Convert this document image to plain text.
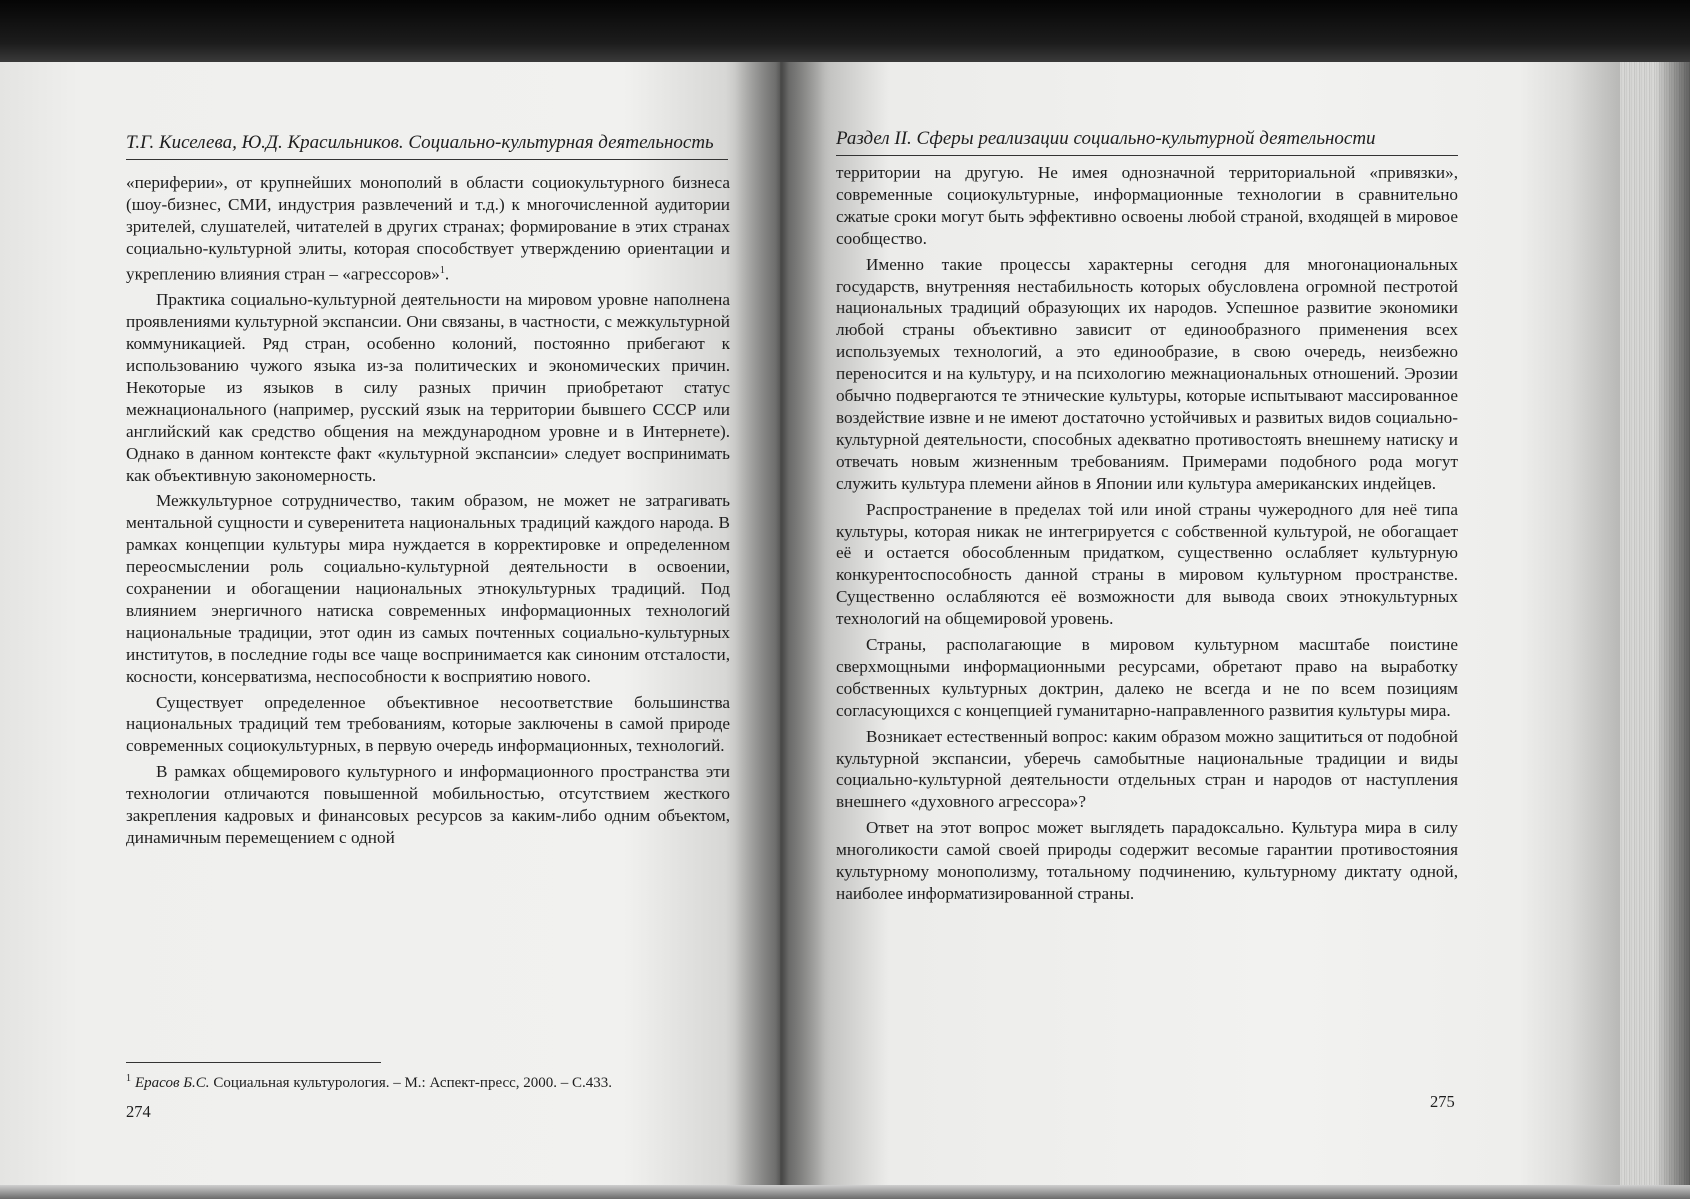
Т.Г. Киселева, Ю.Д. Красильников. Социально-культурная деятельность

«периферии», от крупнейших монополий в области социокультурного бизнеса (шоу-бизнес, СМИ, индустрия развлечений и т.д.) к многочисленной аудитории зрителей, слушателей, читателей в других странах; формирование в этих странах социально-культурной элиты, которая способствует утверждению ориентации и укреплению влияния стран – «агрессоров»$^1$.

Практика социально-культурной деятельности на мировом уровне наполнена проявлениями культурной экспансии. Они связаны, в частности, с межкультурной коммуникацией. Ряд стран, особенно колоний, постоянно прибегают к использованию чужого языка из-за политических и экономических причин. Некоторые из языков в силу разных причин приобретают статус межнационального (например, русский язык на территории бывшего СССР или английский как средство общения на международном уровне и в Интернете). Однако в данном контексте факт «культурной экспансии» следует воспринимать как объективную закономерность.

Межкультурное сотрудничество, таким образом, не может не затрагивать ментальной сущности и суверенитета национальных традиций каждого народа. В рамках концепции культуры мира нуждается в корректировке и определенном переосмыслении роль социально-культурной деятельности в освоении, сохранении и обогащении национальных этнокультурных традиций. Под влиянием энергичного натиска современных информационных технологий национальные традиции, этот один из самых почтенных социально-культурных институтов, в последние годы все чаще воспринимается как синоним отсталости, косности, консерватизма, неспособности к восприятию нового.

Существует определенное объективное несоответствие большинства национальных традиций тем требованиям, которые заключены в самой природе современных социокультурных, в первую очередь информационных, технологий.

В рамках общемирового культурного и информационного пространства эти технологии отличаются повышенной мобильностью, отсутствием жесткого закрепления кадровых и финансовых ресурсов за каким-либо одним объектом, динамичным перемещением с одной

$^1$ Ерасов Б.С. Социальная культурология. – М.: Аспект-пресс, 2000. – С.433.
274
Раздел II. Сферы реализации социально-культурной деятельности

территории на другую. Не имея однозначной территориальной «привязки», современные социокультурные, информационные технологии в сравнительно сжатые сроки могут быть эффективно освоены любой страной, входящей в мировое сообщество.

Именно такие процессы характерны сегодня для многонациональных государств, внутренняя нестабильность которых обусловлена огромной пестротой национальных традиций образующих их народов. Успешное развитие экономики любой страны объективно зависит от единообразного применения всех используемых технологий, а это единообразие, в свою очередь, неизбежно переносится и на культуру, и на психологию межнациональных отношений. Эрозии обычно подвергаются те этнические культуры, которые испытывают массированное воздействие извне и не имеют достаточно устойчивых и развитых видов социально-культурной деятельности, способных адекватно противостоять внешнему натиску и отвечать новым жизненным требованиям. Примерами подобного рода могут служить культура племени айнов в Японии или культура американских индейцев.

Распространение в пределах той или иной страны чужеродного для неё типа культуры, которая никак не интегрируется с собственной культурой, не обогащает её и остается обособленным придатком, существенно ослабляет культурную конкурентоспособность данной страны в мировом культурном пространстве. Существенно ослабляются её возможности для вывода своих этнокультурных технологий на общемировой уровень.

Страны, располагающие в мировом культурном масштабе поистине сверхмощными информационными ресурсами, обретают право на выработку собственных культурных доктрин, далеко не всегда и не по всем позициям согласующихся с концепцией гуманитарно-направленного развития культуры мира.

Возникает естественный вопрос: каким образом можно защититься от подобной культурной экспансии, уберечь самобытные национальные традиции и виды социально-культурной деятельности отдельных стран и народов от наступления внешнего «духовного агрессора»?

Ответ на этот вопрос может выглядеть парадоксально. Культура мира в силу многоликости самой своей природы содержит весомые гарантии противостояния культурному монополизму, тотальному подчинению, культурному диктату одной, наиболее информатизированной страны.

275
